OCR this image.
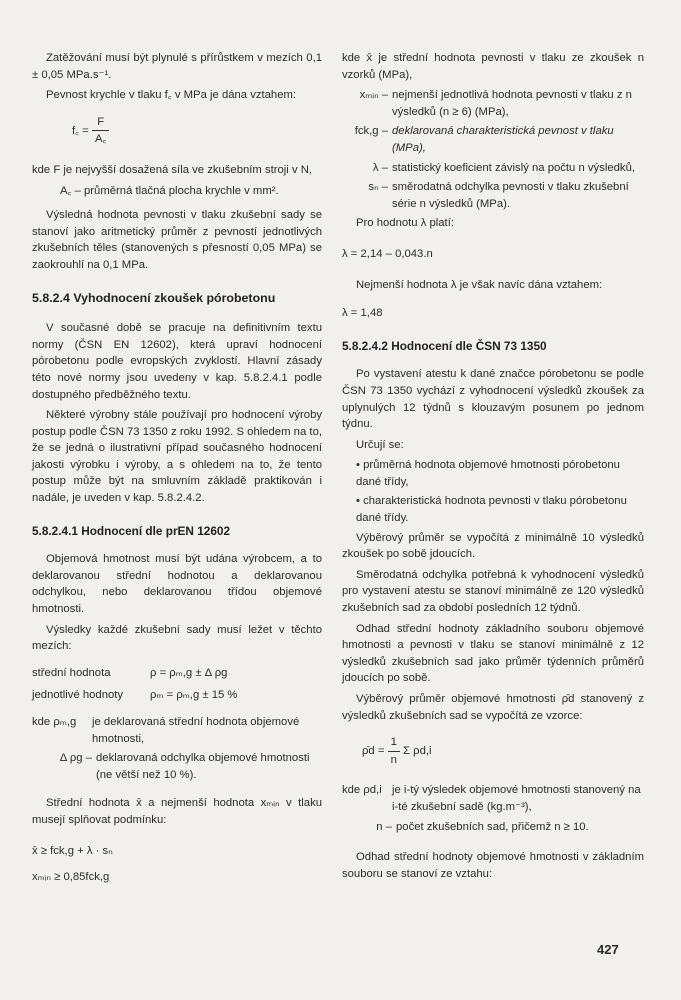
Zatěžování musí být plynulé s přírůstkem v mezích 0,1 ± 0,05 MPa.s⁻¹.

Pevnost krychle v tlaku f꜀ v MPa je dána vztahem:

f꜀ = $\frac{F}{A꜀}$

kde F je nejvyšší dosažená síla ve zkušebním stroji v N,

A꜀ – průměrná tlačná plocha krychle v mm².

Výsledná hodnota pevnosti v tlaku zkušební sady se stanoví jako aritmetický průměr z pevností jednotlivých zkušebních těles (stanovených s přesností 0,05 MPa) se zaokrouhlí na 0,1 MPa.

5.8.2.4 Vyhodnocení zkoušek pórobetonu

V současné době se pracuje na definitivním textu normy (ČSN EN 12602), která upraví hodnocení pórobetonu podle evropských zvyklostí. Hlavní zásady této nové normy jsou uvedeny v kap. 5.8.2.4.1 podle dostupného předběžného textu.

Některé výrobny stále používají pro hodnocení výroby postup podle ČSN 73 1350 z roku 1992. S ohledem na to, že se jedná o ilustrativní případ současného hodnocení jakosti výrobku i výroby, a s ohledem na to, že tento postup může být na smluvním základě praktikován i nadále, je uveden v kap. 5.8.2.4.2.

5.8.2.4.1 Hodnocení dle prEN 12602

Objemová hmotnost musí být udána výrobcem, a to deklarovanou střední hodnotou a deklarovanou odchylkou, nebo deklarovanou třídou objemové hmotnosti.

Výsledky každé zkušební sady musí ležet v těchto mezích:

střední hodnota	ρ = ρₘ,g ± Δ ρg
jednotlivé hodnoty	ρₘ = ρₘ,g ± 15 %
kde ρₘ,g	je deklarovaná střední hodnota objemové hmotnosti,
Δ ρg – deklarovaná odchylka objemové hmotnosti (ne větší než 10 %).

Střední hodnota x̄ a nejmenší hodnota xₘᵢₙ v tlaku musejí splňovat podmínku:

x̄ ≥ fck,g + λ · sₙ
xₘᵢₙ ≥ 0,85fck,g

kde x̄ je střední hodnota pevnosti v tlaku ze zkoušek n vzorků (MPa),

xₘᵢₙ – nejmenší jednotlivá hodnota pevnosti v tlaku z n výsledků (n ≥ 6) (MPa),
fck,g – deklarovaná charakteristická pevnost v tlaku (MPa),
λ – statistický koeficient závislý na počtu n výsledků,
sₙ – směrodatná odchylka pevnosti v tlaku zkušební série n výsledků (MPa).

Pro hodnotu λ platí:

λ = 2,14 – 0,043.n

Nejmenší hodnota λ je však navíc dána vztahem:

λ = 1,48
5.8.2.4.2 Hodnocení dle ČSN 73 1350

Po vystavení atestu k dané značce pórobetonu se podle ČSN 73 1350 vychází z vyhodnocení výsledků zkoušek za uplynulých 12 týdnů s klouzavým posunem po jednom týdnu.

Určují se:

• průměrná hodnota objemové hmotnosti pórobetonu dané třídy,
• charakteristická hodnota pevnosti v tlaku pórobetonu dané třídy.

Výběrový průměr se vypočítá z minimálně 10 výsledků zkoušek po sobě jdoucích.

Směrodatná odchylka potřebná k vyhodnocení výsledků pro vystavení atestu se stanoví minimálně ze 120 výsledků zkušebních sad za období posledních 12 týdnů.

Odhad střední hodnoty základního souboru objemové hmotnosti a pevnosti v tlaku se stanoví minimálně z 12 výsledků zkušebních sad jako průměr týdenních průměrů jdoucích po sobě.

Výběrový průměr objemové hmotnosti ρ̄d stanovený z výsledků zkušebních sad se vypočítá ze vzorce:

ρ̄d = $\frac{1}{n}$ Σ ρd,i
kde ρd,i je i-tý výsledek objemové hmotnosti stanovený na i-té zkušební sadě (kg.m⁻³),
n – počet zkušebních sad, přičemž n ≥ 10.

Odhad střední hodnoty objemové hmotnosti v základním souboru se stanoví ze vztahu:

427
